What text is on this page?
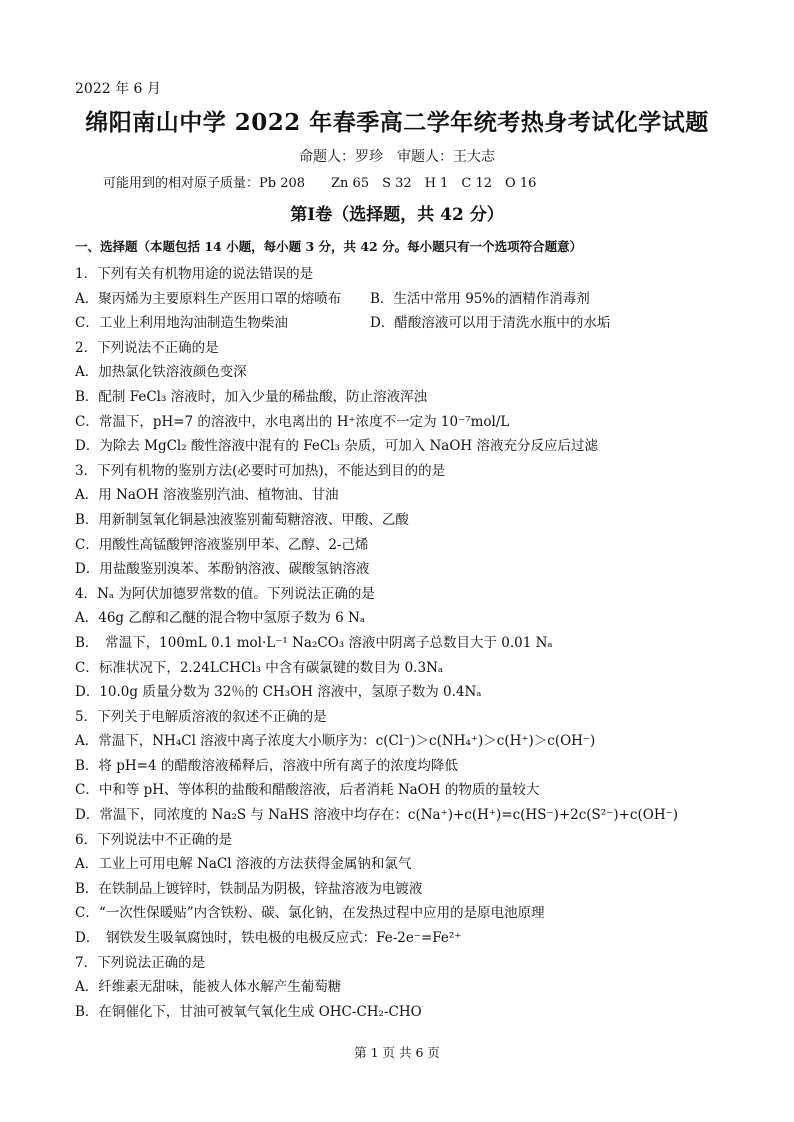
2022 年 6 月
绵阳南山中学 2022 年春季高二学年统考热身考试化学试题
命题人：罗珍　审题人：王大志
可能用到的相对原子质量：Pb 208　　Zn 65　S 32　H 1　C 12　O 16
第Ⅰ卷（选择题，共 42 分）
一、选择题（本题包括 14 小题，每小题 3 分，共 42 分。每小题只有一个选项符合题意）
1．下列有关有机物用途的说法错误的是
A．聚丙烯为主要原料生产医用口罩的熔喷布	B．生活中常用 95%的酒精作消毒剂
C．工业上利用地沟油制造生物柴油	D．醋酸溶液可以用于清洗水瓶中的水垢
2．下列说法不正确的是
A．加热氯化铁溶液颜色变深
B．配制 FeCl₃ 溶液时，加入少量的稀盐酸，防止溶液浑浊
C．常温下，pH=7 的溶液中，水电离出的 H⁺浓度不一定为 10⁻⁷mol/L
D．为除去 MgCl₂ 酸性溶液中混有的 FeCl₃ 杂质，可加入 NaOH 溶液充分反应后过滤
3．下列有机物的鉴别方法(必要时可加热)，不能达到目的的是
A．用 NaOH 溶液鉴别汽油、植物油、甘油
B．用新制氢氧化铜悬浊液鉴别葡萄糖溶液、甲酸、乙酸
C．用酸性高锰酸钾溶液鉴别甲苯、乙醇、2-己烯
D．用盐酸鉴别溴苯、苯酚钠溶液、碳酸氢钠溶液
4．Nₐ 为阿伏加德罗常数的值。下列说法正确的是
A．46g 乙醇和乙醚的混合物中氢原子数为 6 Nₐ
B．　常温下，100mL 0.1 mol·L⁻¹ Na₂CO₃ 溶液中阴离子总数目大于 0.01 Nₐ
C．标准状况下，2.24LCHCl₃ 中含有碳氯键的数目为 0.3Nₐ
D．10.0g 质量分数为 32％的 CH₃OH 溶液中，氢原子数为 0.4Nₐ
5．下列关于电解质溶液的叙述不正确的是
A．常温下，NH₄Cl 溶液中离子浓度大小顺序为：c(Cl⁻)＞c(NH₄⁺)＞c(H⁺)＞c(OH⁻)
B．将 pH=4 的醋酸溶液稀释后，溶液中所有离子的浓度均降低
C．中和等 pH、等体积的盐酸和醋酸溶液，后者消耗 NaOH 的物质的量较大
D．常温下，同浓度的 Na₂S 与 NaHS 溶液中均存在：c(Na⁺)+c(H⁺)=c(HS⁻)+2c(S²⁻)+c(OH⁻)
6．下列说法中不正确的是
A．工业上可用电解 NaCl 溶液的方法获得金属钠和氯气
B．在铁制品上镀锌时，铁制品为阴极，锌盐溶液为电镀液
C．“一次性保暖贴”内含铁粉、碳、氯化钠，在发热过程中应用的是原电池原理
D．　钢铁发生吸氧腐蚀时，铁电极的电极反应式：Fe-2e⁻=Fe²⁺
7．下列说法正确的是
A．纤维素无甜味，能被人体水解产生葡萄糖
B．在铜催化下，甘油可被氧气氧化生成 OHC-CH₂-CHO
第 1 页 共 6 页
